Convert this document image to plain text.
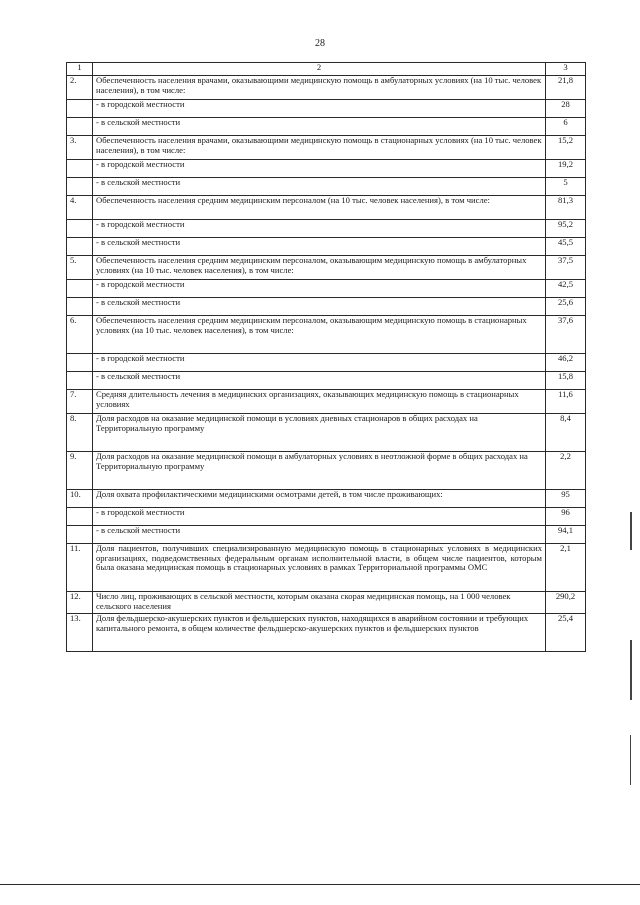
28
1	2	3
2.	Обеспеченность населения врачами, оказывающими медицинскую помощь в амбулаторных условиях (на 10 тыс. человек населения), в том числе:	21,8
	- в городской местности	28
	- в сельской местности	6
3.	Обеспеченность населения врачами, оказывающими медицинскую помощь в стационарных условиях (на 10 тыс. человек населения), в том числе:	15,2
	- в городской местности	19,2
	- в сельской местности	5
4.	Обеспеченность населения средним медицинским персоналом (на 10 тыс. человек населения), в том числе:	81,3
	- в городской местности	95,2
	- в сельской местности	45,5
5.	Обеспеченность населения средним медицинским персоналом, оказывающим медицинскую помощь в амбулаторных условиях (на 10 тыс. человек населения), в том числе:	37,5
	- в городской местности	42,5
	- в сельской местности	25,6
6.	Обеспеченность населения средним медицинским персоналом, оказывающим медицинскую помощь в стационарных условиях (на 10 тыс. человек населения), в том числе:	37,6
	- в городской местности	46,2
	- в сельской местности	15,8
7.	Средняя длительность лечения в медицинских организациях, оказывающих медицинскую помощь в стационарных условиях	11,6
8.	Доля расходов на оказание медицинской помощи в условиях дневных стационаров в общих расходах на Территориальную программу	8,4
9.	Доля расходов на оказание медицинской помощи в амбулаторных условиях в неотложной форме в общих расходах на Территориальную программу	2,2
10.	Доля охвата профилактическими медицинскими осмотрами детей, в том числе проживающих:	95
	- в городской местности	96
	- в сельской местности	94,1
11.	Доля пациентов, получивших специализированную медицинскую помощь в стационарных условиях в медицинских организациях, подведомственных федеральным органам исполнительной власти, в общем числе пациентов, которым была оказана медицинская помощь в стационарных условиях в рамках Территориальной программы ОМС	2,1
12.	Число лиц, проживающих в сельской местности, которым оказана скорая медицинская помощь, на 1 000 человек сельского населения	290,2
13.	Доля фельдшерско-акушерских пунктов и фельдшерских пунктов, находящихся в аварийном состоянии и требующих капитального ремонта, в общем количестве фельдшерско-акушерских пунктов и фельдшерских пунктов	25,4
